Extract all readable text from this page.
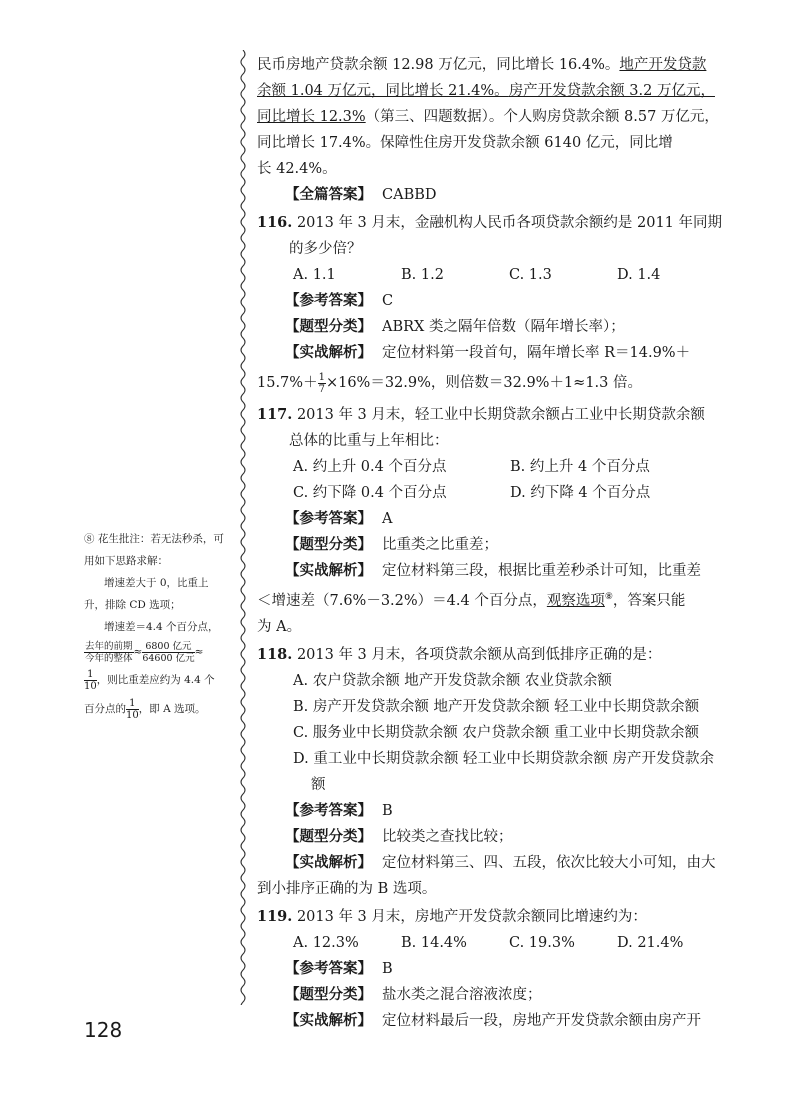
民币房地产贷款余额 12.98 万亿元，同比增长 16.4%。地产开发贷款

余额 1.04 万亿元，同比增长 21.4%。房产开发贷款余额 3.2 万亿元，

同比增长 12.3%（第三、四题数据）。个人购房贷款余额 8.57 万亿元，

同比增长 17.4%。保障性住房开发贷款余额 6140 亿元，同比增

长 42.4%。

【全篇答案】 CABBD

116. 2013 年 3 月末，金融机构人民币各项贷款余额约是 2011 年同期

的多少倍？

A. 1.1	B. 1.2	C. 1.3	D. 1.4

【参考答案】 C

【题型分类】 ABRX 类之隔年倍数（隔年增长率）；

【实战解析】 定位材料第一段首句，隔年增长率 R＝14.9%＋

$15.7\%+ \frac{1}{7} \times 16\%=32.9\%$，则倍数＝32.9%＋1≈1.3 倍。

117. 2013 年 3 月末，轻工业中长期贷款余额占工业中长期贷款余额

总体的比重与上年相比：

A. 约上升 0.4 个百分点	B. 约上升 4 个百分点
C. 约下降 0.4 个百分点	D. 约下降 4 个百分点

【参考答案】 A

【题型分类】 比重类之比重差；

【实战解析】 定位材料第三段，根据比重差秒杀计可知，比重差

＜增速差（7.6%－3.2%）＝4.4 个百分点，观察选项⑧，答案只能

为 A。

118. 2013 年 3 月末，各项贷款余额从高到低排序正确的是：

A. 农户贷款余额 地产开发贷款余额 农业贷款余额

B. 房产开发贷款余额 地产开发贷款余额 轻工业中长期贷款余额

C. 服务业中长期贷款余额 农户贷款余额 重工业中长期贷款余额

D. 重工业中长期贷款余额 轻工业中长期贷款余额 房产开发贷款余额

【参考答案】 B

【题型分类】 比较类之查找比较；

【实战解析】 定位材料第三、四、五段，依次比较大小可知，由大

到小排序正确的为 B 选项。

119. 2013 年 3 月末，房地产开发贷款余额同比增速约为：

A. 12.3%	B. 14.4%	C. 19.3%	D. 21.4%

【参考答案】 B

【题型分类】 盐水类之混合溶液浓度；

【实战解析】 定位材料最后一段，房地产开发贷款余额由房产开

⑧ 花生批注：若无法秒杀，可

用如下思路求解：

增速差大于 0，比重上

升，排除 CD 选项；

增速差＝4.4 个百分点，

$\frac{\text{去年的前期}}{\text{今年的整体}} \approx \frac{\text{6800 亿元}}{\text{64600 亿元}}$ ≈

$\frac{1}{10}$ ，则比重差应约为 4.4 个

百分点的 $\frac{1}{10}$ ，即 A 选项。

128
